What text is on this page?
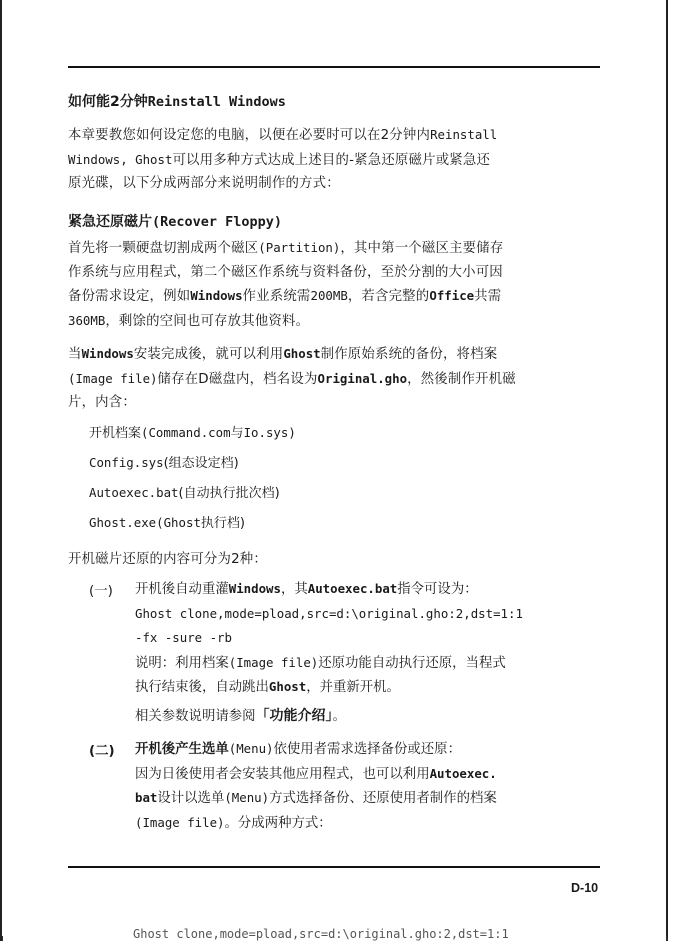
如何能2分钟Reinstall Windows
本章要教您如何设定您的电脑，以便在必要时可以在2分钟内Reinstall
Windows, Ghost可以用多种方式达成上述目的-紧急还原磁片或紧急还
原光碟，以下分成两部分来说明制作的方式：
紧急还原磁片(Recover Floppy)
首先将一颗硬盘切割成两个磁区(Partition)，其中第一个磁区主要储存
作系统与应用程式，第二个磁区作系统与资料备份，至於分割的大小可因
备份需求设定，例如Windows作业系统需200MB，若含完整的Office共需
360MB，剩馀的空间也可存放其他资料。
当Windows安装完成後，就可以利用Ghost制作原始系统的备份，将档案
(Image file)储存在D磁盘内，档名设为Original.gho，然後制作开机磁
片，内含：
开机档案(Command.com与Io.sys)
Config.sys(组态设定档)
Autoexec.bat(自动执行批次档)
Ghost.exe(Ghost执行档)
开机磁片还原的内容可分为2种：
(一) 开机後自动重灌Windows，其Autoexec.bat指令可设为：
Ghost clone,mode=pload,src=d:\original.gho:2,dst=1:1
-fx -sure -rb
说明：利用档案(Image file)还原功能自动执行还原，当程式
执行结束後，自动跳出Ghost，并重新开机。
相关参数说明请参阅「功能介绍」。
(二) 开机後产生选单(Menu)依使用者需求选择备份或还原：
因为日後使用者会安装其他应用程式，也可以利用Autoexec.
bat设计以选单(Menu)方式选择备份、还原使用者制作的档案
(Image file)。分成两种方式：
D-10
Ghost clone,mode=pload,src=d:\original.gho:2,dst=1:1
